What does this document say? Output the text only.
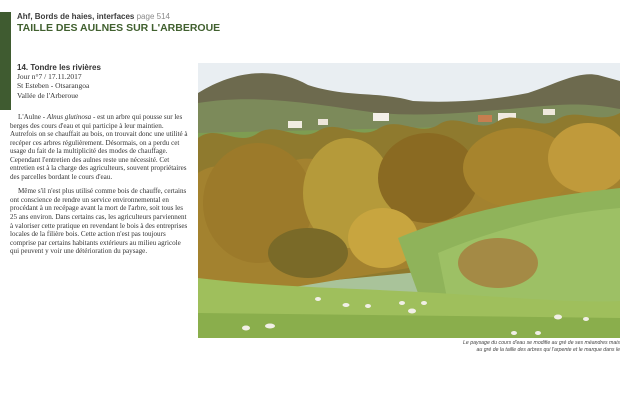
Ahf, Bords de haies, interfaces page 514
TAILLE DES AULNES SUR L'ARBEROUE
14. Tondre les rivières
Jour n°7 / 17.11.2017
St Esteben - Otsarangoa
Vallée de l'Arberoue

L'Aulne - Alnus glutinosa - est un arbre qui pousse sur les berges des cours d'eau et qui participe à leur maintien. Autrefois on se chauffait au bois, on trouvait donc une utilité à recéper ces arbres régulièrement. Désormais, on a perdu cet usage du fait de la multiplicité des modes de chauffage. Cependant l'entretien des aulnes reste une nécessité. Cet entretien est à la charge des agriculteurs, souvent propriétaires des parcelles bordant le cours d'eau.

Même s'il n'est plus utilisé comme bois de chauffe, certains ont conscience de rendre un service environnemental en procédant à un recépage avant la mort de l'arbre, soit tous les 25 ans environ. Dans certains cas, les agriculteurs parviennent à valoriser cette pratique en revendant le bois à des entreprises locales de la filière bois. Cette action n'est pas toujours comprise par certains habitants extérieurs au milieu agricole qui peuvent y voir une détérioration du paysage.

Le paysage du cours d'eau se modifie au gré de ses méandres mais
au gré de la taille des arbres qui l'arpente et le marque dans le
